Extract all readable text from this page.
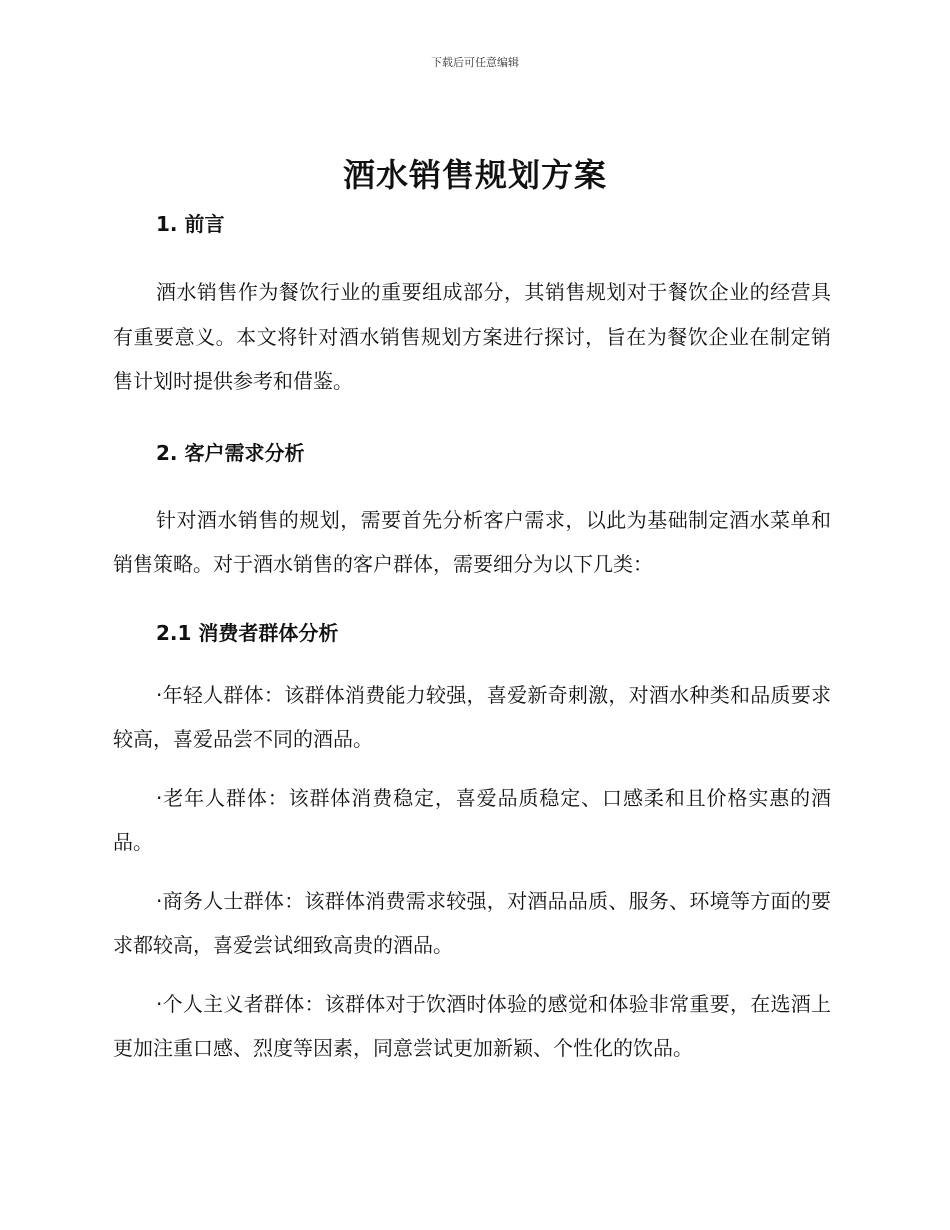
下载后可任意编辑
酒水销售规划方案
1. 前言

酒水销售作为餐饮行业的重要组成部分，其销售规划对于餐饮企业的经营具有重要意义。本文将针对酒水销售规划方案进行探讨，旨在为餐饮企业在制定销售计划时提供参考和借鉴。

2. 客户需求分析

针对酒水销售的规划，需要首先分析客户需求，以此为基础制定酒水菜单和销售策略。对于酒水销售的客户群体，需要细分为以下几类：

2.1 消费者群体分析

·年轻人群体：该群体消费能力较强，喜爱新奇刺激，对酒水种类和品质要求较高，喜爱品尝不同的酒品。

·老年人群体：该群体消费稳定，喜爱品质稳定、口感柔和且价格实惠的酒品。

·商务人士群体：该群体消费需求较强，对酒品品质、服务、环境等方面的要求都较高，喜爱尝试细致高贵的酒品。

·个人主义者群体：该群体对于饮酒时体验的感觉和体验非常重要，在选酒上更加注重口感、烈度等因素，同意尝试更加新颖、个性化的饮品。
